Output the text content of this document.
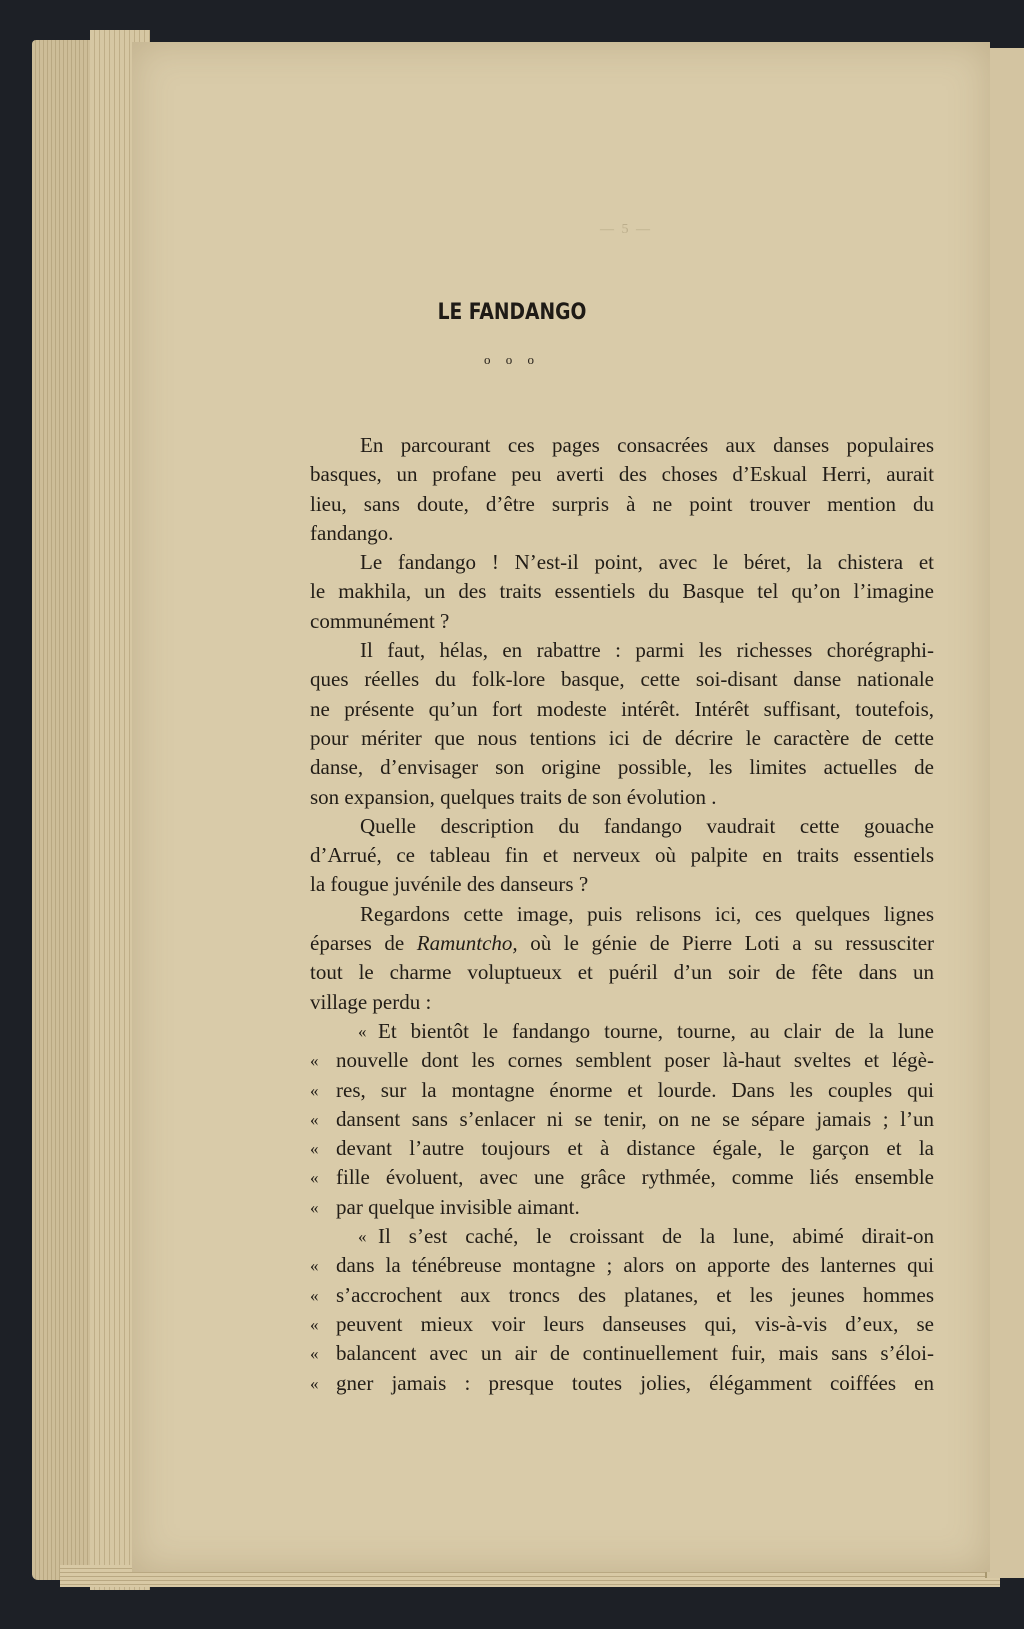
— 5 —
LE FANDANGO
o o o
En parcourant ces pages consacrées aux danses populaires
basques, un profane peu averti des choses d’Eskual Herri, aurait
lieu, sans doute, d’être surpris à ne point trouver mention du
fandango.
Le fandango ! N’est-il point, avec le béret, la chistera et
le makhila, un des traits essentiels du Basque tel qu’on l’imagine
communément ?
Il faut, hélas, en rabattre : parmi les richesses chorégraphi-
ques réelles du folk-lore basque, cette soi-disant danse nationale
ne présente qu’un fort modeste intérêt. Intérêt suffisant, toutefois,
pour mériter que nous tentions ici de décrire le caractère de cette
danse, d’envisager son origine possible, les limites actuelles de
son expansion, quelques traits de son évolution .
Quelle description du fandango vaudrait cette gouache
d’Arrué, ce tableau fin et nerveux où palpite en traits essentiels
la fougue juvénile des danseurs ?
Regardons cette image, puis relisons ici, ces quelques lignes
éparses de Ramuntcho, où le génie de Pierre Loti a su ressusciter
tout le charme voluptueux et puéril d’un soir de fête dans un
village perdu :
« Et bientôt le fandango tourne, tourne, au clair de la lune
« nouvelle dont les cornes semblent poser là-haut sveltes et légè-
« res, sur la montagne énorme et lourde. Dans les couples qui
« dansent sans s’enlacer ni se tenir, on ne se sépare jamais ; l’un
« devant l’autre toujours et à distance égale, le garçon et la
« fille évoluent, avec une grâce rythmée, comme liés ensemble
« par quelque invisible aimant.
« Il s’est caché, le croissant de la lune, abimé dirait-on
« dans la ténébreuse montagne ; alors on apporte des lanternes qui
« s’accrochent aux troncs des platanes, et les jeunes hommes
« peuvent mieux voir leurs danseuses qui, vis-à-vis d’eux, se
« balancent avec un air de continuellement fuir, mais sans s’éloi-
« gner jamais : presque toutes jolies, élégamment coiffées en
